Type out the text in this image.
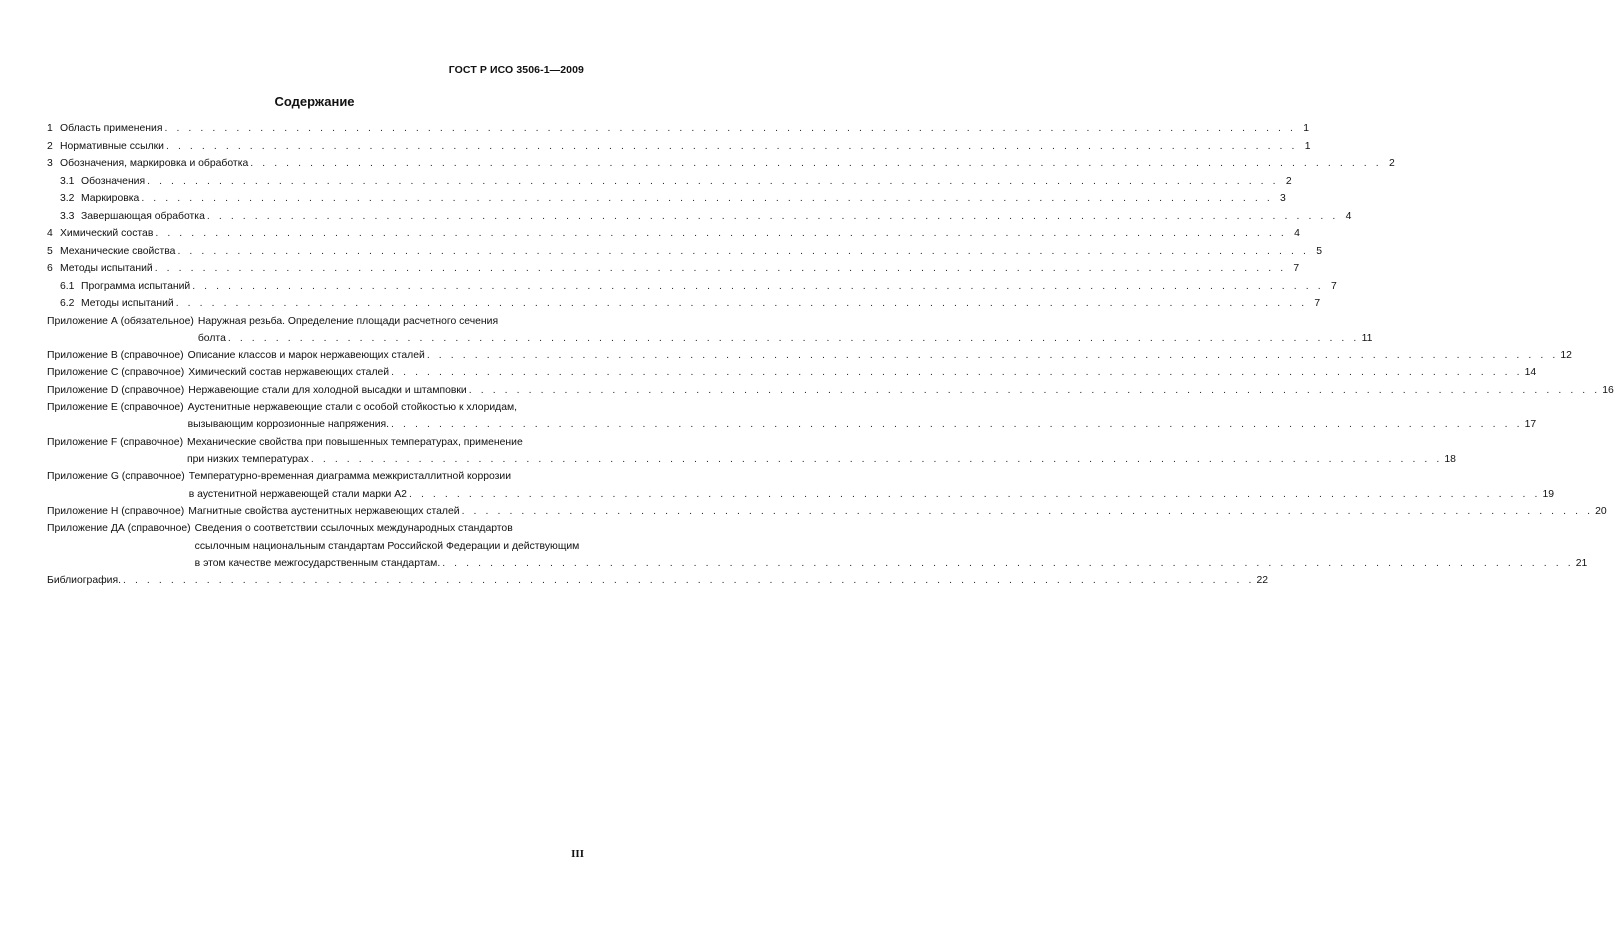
ГОСТ Р ИСО 3506-1—2009
Содержание
1 Область применения . . . . . . . . . . . . . . . . . . . . . . . . . . . . . . . . . . . . . . . . . . . . . . . . . . . . . . . . . . . . . . . . . . . . . . . . . . . . . . . . . . . . . . . . . . . . . . . 1
2 Нормативные ссылки . . . . . . . . . . . . . . . . . . . . . . . . . . . . . . . . . . . . . . . . . . . . . . . . . . . . . . . . . . . . . . . . . . . . . . . . . . . . . . . . . . . . . . . . . . . . . . . 1
3 Обозначения, маркировка и обработка . . . . . . . . . . . . . . . . . . . . . . . . . . . . . . . . . . . . . . . . . . . . . . . . . . . . . . . . . . . . . . . . . . . . . . . . . . . . . . . . . . . . . . . . . . . . . . . 2
3.1 Обозначения . . . . . . . . . . . . . . . . . . . . . . . . . . . . . . . . . . . . . . . . . . . . . . . . . . . . . . . . . . . . . . . . . . . . . . . . . . . . . . . . . . . . . . . . . . . . . . . 2
3.2 Маркировка . . . . . . . . . . . . . . . . . . . . . . . . . . . . . . . . . . . . . . . . . . . . . . . . . . . . . . . . . . . . . . . . . . . . . . . . . . . . . . . . . . . . . . . . . . . . . . . 3
3.3 Завершающая обработка . . . . . . . . . . . . . . . . . . . . . . . . . . . . . . . . . . . . . . . . . . . . . . . . . . . . . . . . . . . . . . . . . . . . . . . . . . . . . . . . . . . . . . . . . . . . . . . 4
4 Химический состав . . . . . . . . . . . . . . . . . . . . . . . . . . . . . . . . . . . . . . . . . . . . . . . . . . . . . . . . . . . . . . . . . . . . . . . . . . . . . . . . . . . . . . . . . . . . . . . 4
5 Механические свойства . . . . . . . . . . . . . . . . . . . . . . . . . . . . . . . . . . . . . . . . . . . . . . . . . . . . . . . . . . . . . . . . . . . . . . . . . . . . . . . . . . . . . . . . . . . . . . . 5
6 Методы испытаний . . . . . . . . . . . . . . . . . . . . . . . . . . . . . . . . . . . . . . . . . . . . . . . . . . . . . . . . . . . . . . . . . . . . . . . . . . . . . . . . . . . . . . . . . . . . . . . 7
6.1 Программа испытаний . . . . . . . . . . . . . . . . . . . . . . . . . . . . . . . . . . . . . . . . . . . . . . . . . . . . . . . . . . . . . . . . . . . . . . . . . . . . . . . . . . . . . . . . . . . . . . . 7
6.2 Методы испытаний . . . . . . . . . . . . . . . . . . . . . . . . . . . . . . . . . . . . . . . . . . . . . . . . . . . . . . . . . . . . . . . . . . . . . . . . . . . . . . . . . . . . . . . . . . . . . . . 7
Приложение А (обязательное) Наружная резьба. Определение площади расчетного сечения
болта . . . . . . . . . . . . . . . . . . . . . . . . . . . . . . . . . . . . . . . . . . . . . . . . . . . . . . . . . . . . . . . . . . . . . . . . . . . . . . . . . . . . . . . . . . . . . . . 11
Приложение В (справочное) Описание классов и марок нержавеющих сталей . . . . . . . . . . . . . . . . . . . . . . . . . . . . . . . . . . . . . . . . . . . . . . . . . . . . . . . . . . . . . . . . . . . . . . . . . . . . . . . . . . . . . . . . . . . . . . . 12
Приложение С (справочное) Химический состав нержавеющих сталей . . . . . . . . . . . . . . . . . . . . . . . . . . . . . . . . . . . . . . . . . . . . . . . . . . . . . . . . . . . . . . . . . . . . . . . . . . . . . . . . . . . . . . . . . . . . . . . 14
Приложение D (справочное) Нержавеющие стали для холодной высадки и штамповки . . . . . . . . . . . . . . . . . . . . . . . . . . . . . . . . . . . . . . . . . . . . . . . . . . . . . . . . . . . . . . . . . . . . . . . . . . . . . . . . . . . . . . . . . . . . . . . 16
Приложение Е (справочное) Аустенитные нержавеющие стали с особой стойкостью к хлоридам,
вызывающим коррозионные напряжения. . . . . . . . . . . . . . . . . . . . . . . . . . . . . . . . . . . . . . . . . . . . . . . . . . . . . . . . . . . . . . . . . . . . . . . . . . . . . . . . . . . . . . . . . . . . . . . . 17
Приложение F (справочное) Механические свойства при повышенных температурах, применение
при низких температурах . . . . . . . . . . . . . . . . . . . . . . . . . . . . . . . . . . . . . . . . . . . . . . . . . . . . . . . . . . . . . . . . . . . . . . . . . . . . . . . . . . . . . . . . . . . . . . . 18
Приложение G (справочное) Температурно-временная диаграмма межкристаллитной коррозии
в аустенитной нержавеющей стали марки А2 . . . . . . . . . . . . . . . . . . . . . . . . . . . . . . . . . . . . . . . . . . . . . . . . . . . . . . . . . . . . . . . . . . . . . . . . . . . . . . . . . . . . . . . . . . . . . . . 19
Приложение Н (справочное) Магнитные свойства аустенитных нержавеющих сталей . . . . . . . . . . . . . . . . . . . . . . . . . . . . . . . . . . . . . . . . . . . . . . . . . . . . . . . . . . . . . . . . . . . . . . . . . . . . . . . . . . . . . . . . . . . . . . . 20
Приложение ДА (справочное) Сведения о соответствии ссылочных международных стандартов
ссылочным национальным стандартам Российской Федерации и действующим
в этом качестве межгосударственным стандартам. . . . . . . . . . . . . . . . . . . . . . . . . . . . . . . . . . . . . . . . . . . . . . . . . . . . . . . . . . . . . . . . . . . . . . . . . . . . . . . . . . . . . . . . . . . . . . . . 21
Библиография. . . . . . . . . . . . . . . . . . . . . . . . . . . . . . . . . . . . . . . . . . . . . . . . . . . . . . . . . . . . . . . . . . . . . . . . . . . . . . . . . . . . . . . . . . . . . . . . 22
III
